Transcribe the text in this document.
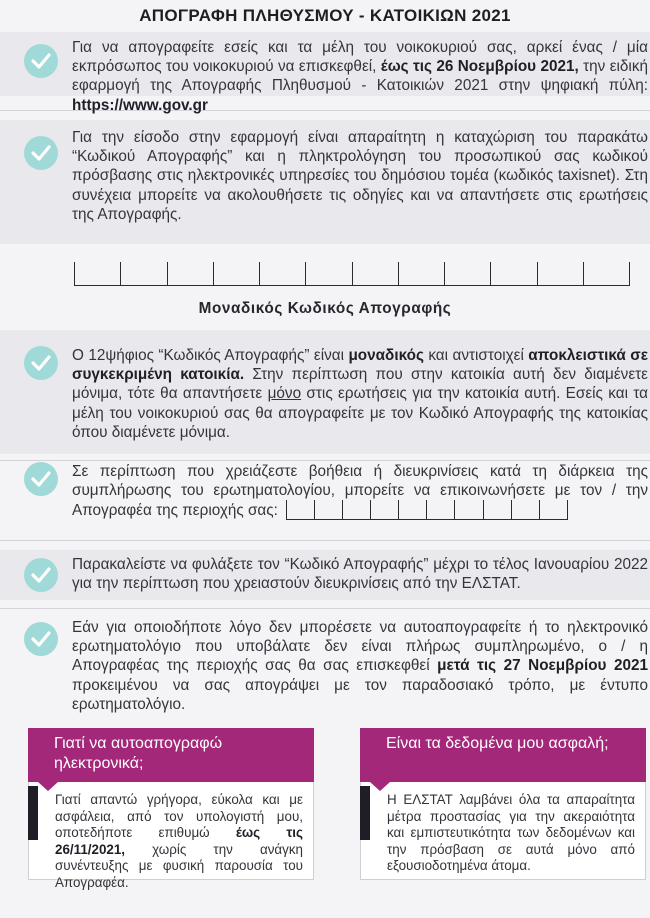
ΑΠΟΓΡΑΦΗ ΠΛΗΘΥΣΜΟΥ - ΚΑΤΟΙΚΙΩΝ 2021
Για να απογραφείτε εσείς και τα μέλη του νοικοκυριού σας, αρκεί ένας / μία εκπρόσωπος του νοικοκυριού να επισκεφθεί, έως τις 26 Νοεμβρίου 2021, την ειδική εφαρμογή της Απογραφής Πληθυσμού - Κατοικιών 2021 στην ψηφιακή πύλη: https://www.gov.gr
Για την είσοδο στην εφαρμογή είναι απαραίτητη η καταχώριση του παρακάτω “Κωδικού Απογραφής” και η πληκτρολόγηση του προσωπικού σας κωδικού πρόσβασης στις ηλεκτρονικές υπηρεσίες του δημόσιου τομέα (κωδικός taxisnet). Στη συνέχεια μπορείτε να ακολουθήσετε τις οδηγίες και να απαντήσετε στις ερωτήσεις της Απογραφής.
Μοναδικός Κωδικός Απογραφής
Ο 12ψήφιος “Κωδικός Απογραφής” είναι μοναδικός και αντιστοιχεί αποκλειστικά σε συγκεκριμένη κατοικία. Στην περίπτωση που στην κατοικία αυτή δεν διαμένετε μόνιμα, τότε θα απαντήσετε μόνο στις ερωτήσεις για την κατοικία αυτή. Εσείς και τα μέλη του νοικοκυριού σας θα απογραφείτε με τον Κωδικό Απογραφής της κατοικίας όπου διαμένετε μόνιμα.
Σε περίπτωση που χρειάζεστε βοήθεια ή διευκρινίσεις κατά τη διάρκεια της συμπλήρωσης του ερωτηματολογίου, μπορείτε να επικοινωνήσετε με τον / την Απογραφέα της περιοχής σας:
Παρακαλείστε να φυλάξετε τον “Κωδικό Απογραφής” μέχρι το τέλος Ιανουαρίου 2022 για την περίπτωση που χρειαστούν διευκρινίσεις από την ΕΛΣΤΑΤ.
Εάν για οποιοδήποτε λόγο δεν μπορέσετε να αυτοαπογραφείτε ή το ηλεκτρονικό ερωτηματολόγιο που υποβάλατε δεν είναι πλήρως συμπληρωμένο, ο / η Απογραφέας της περιοχής σας θα σας επισκεφθεί μετά τις 27 Νοεμβρίου 2021 προκειμένου να σας απογράψει με τον παραδοσιακό τρόπο, με έντυπο ερωτηματολόγιο.
Γιατί να αυτοαπογραφώ ηλεκτρονικά;
Γιατί απαντώ γρήγορα, εύκολα και με ασφάλεια, από τον υπολογιστή μου, οποτεδήποτε επιθυμώ έως τις 26/11/2021, χωρίς την ανάγκη συνέντευξης με φυσική παρουσία του Απογραφέα.
Είναι τα δεδομένα μου ασφαλή;
Η ΕΛΣΤΑΤ λαμβάνει όλα τα απαραίτητα μέτρα προστασίας για την ακεραιότητα και εμπιστευτικότητα των δεδομένων και την πρόσβαση σε αυτά μόνο από εξουσιοδοτημένα άτομα.
